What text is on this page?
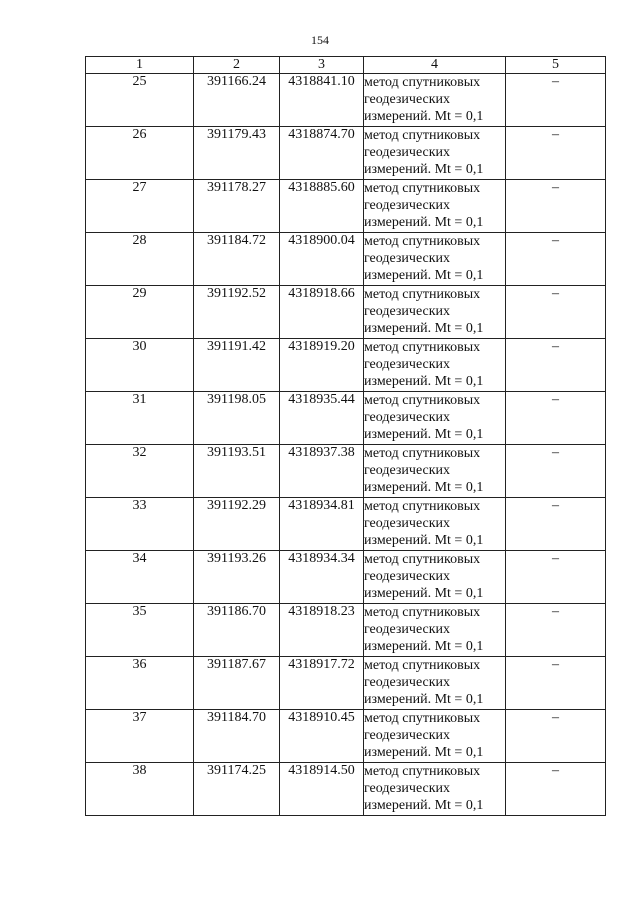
154
1	2	3	4	5
25	391166.24	4318841.10	метод спутниковых геодезических измерений. Mt = 0,1	–
26	391179.43	4318874.70	метод спутниковых геодезических измерений. Mt = 0,1	–
27	391178.27	4318885.60	метод спутниковых геодезических измерений. Mt = 0,1	–
28	391184.72	4318900.04	метод спутниковых геодезических измерений. Mt = 0,1	–
29	391192.52	4318918.66	метод спутниковых геодезических измерений. Mt = 0,1	–
30	391191.42	4318919.20	метод спутниковых геодезических измерений. Mt = 0,1	–
31	391198.05	4318935.44	метод спутниковых геодезических измерений. Mt = 0,1	–
32	391193.51	4318937.38	метод спутниковых геодезических измерений. Mt = 0,1	–
33	391192.29	4318934.81	метод спутниковых геодезических измерений. Mt = 0,1	–
34	391193.26	4318934.34	метод спутниковых геодезических измерений. Mt = 0,1	–
35	391186.70	4318918.23	метод спутниковых геодезических измерений. Mt = 0,1	–
36	391187.67	4318917.72	метод спутниковых геодезических измерений. Mt = 0,1	–
37	391184.70	4318910.45	метод спутниковых геодезических измерений. Mt = 0,1	–
38	391174.25	4318914.50	метод спутниковых геодезических измерений. Mt = 0,1	–
